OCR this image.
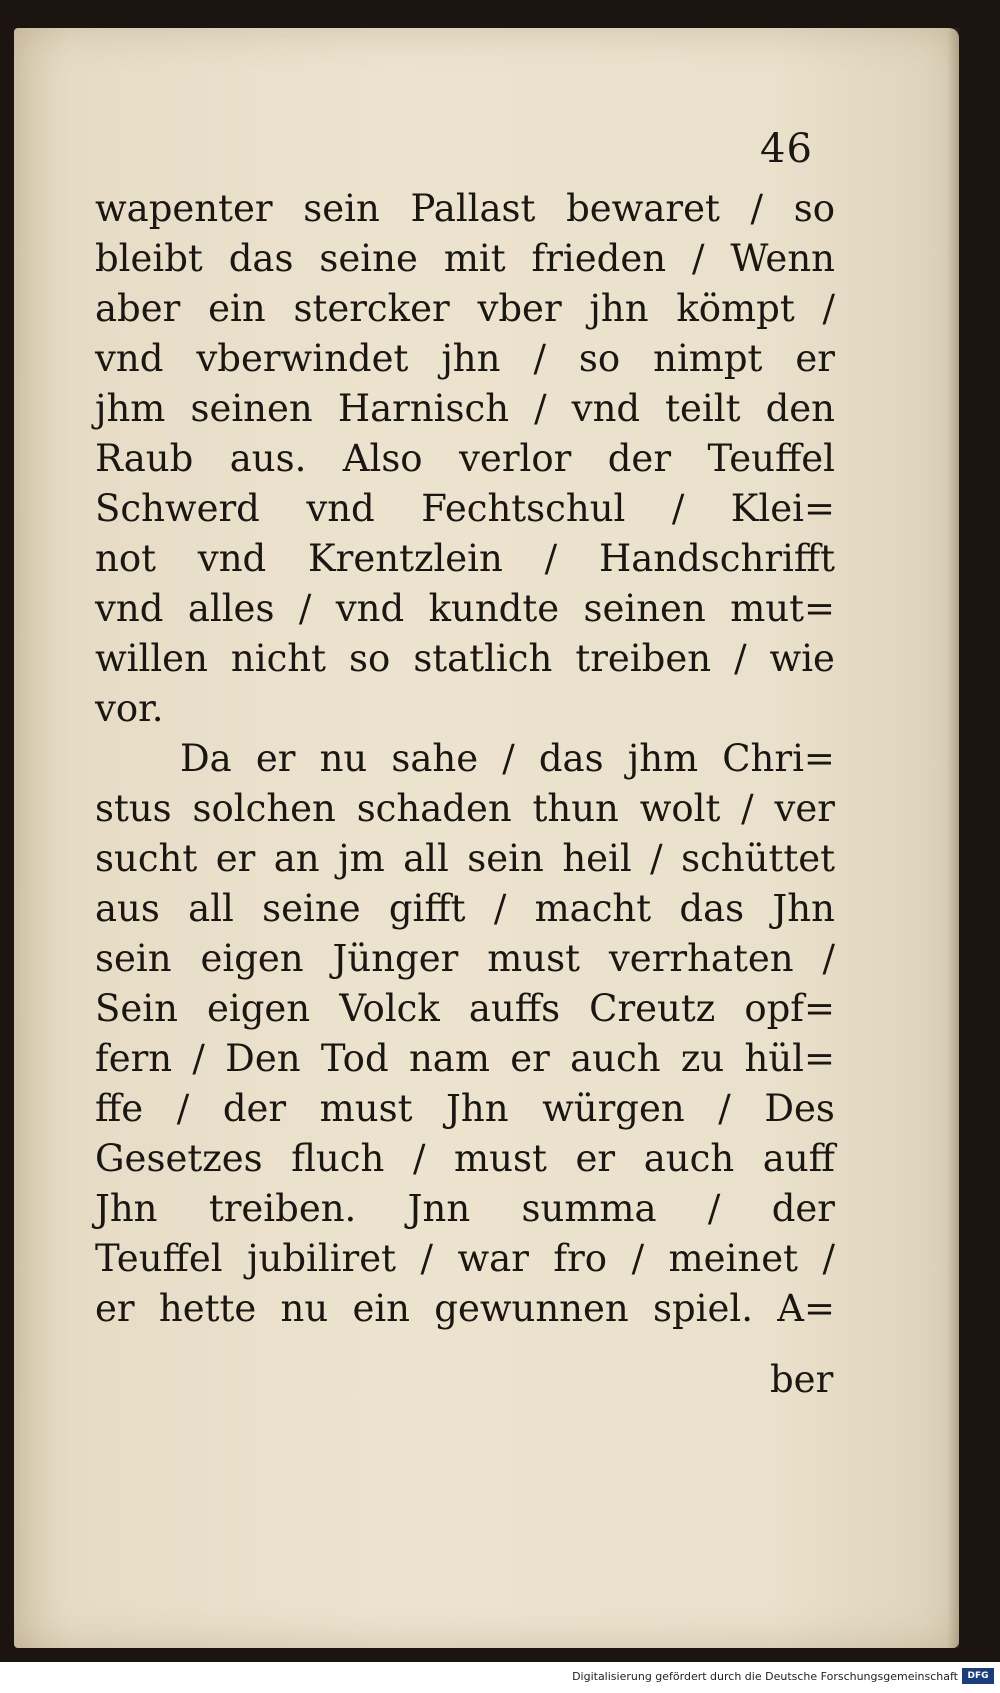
46
wapenter sein Pallast bewaret / so
bleibt das seine mit frieden / Wenn
aber ein stercker vber jhn kömpt /
vnd vberwindet jhn / so nimpt er
jhm seinen Harnisch / vnd teilt den
Raub aus. Also verlor der Teuffel
Schwerd vnd Fechtschul / Klei=
not vnd Krentzlein / Handschrifft
vnd alles / vnd kundte seinen mut=
willen nicht so statlich treiben / wie
vor.
Da er nu sahe / das jhm Chri=
stus solchen schaden thun wolt / ver
sucht er an jm all sein heil / schüttet
aus all seine gifft / macht das Jhn
sein eigen Jünger must verrhaten /
Sein eigen Volck auffs Creutz opf=
fern / Den Tod nam er auch zu hül=
ffe / der must Jhn würgen / Des
Gesetzes fluch / must er auch auff
Jhn treiben. Jnn summa / der
Teuffel jubiliret / war fro / meinet /
er hette nu ein gewunnen spiel. A=
ber
Digitalisierung gefördert durch die Deutsche Forschungsgemeinschaft	DFG
